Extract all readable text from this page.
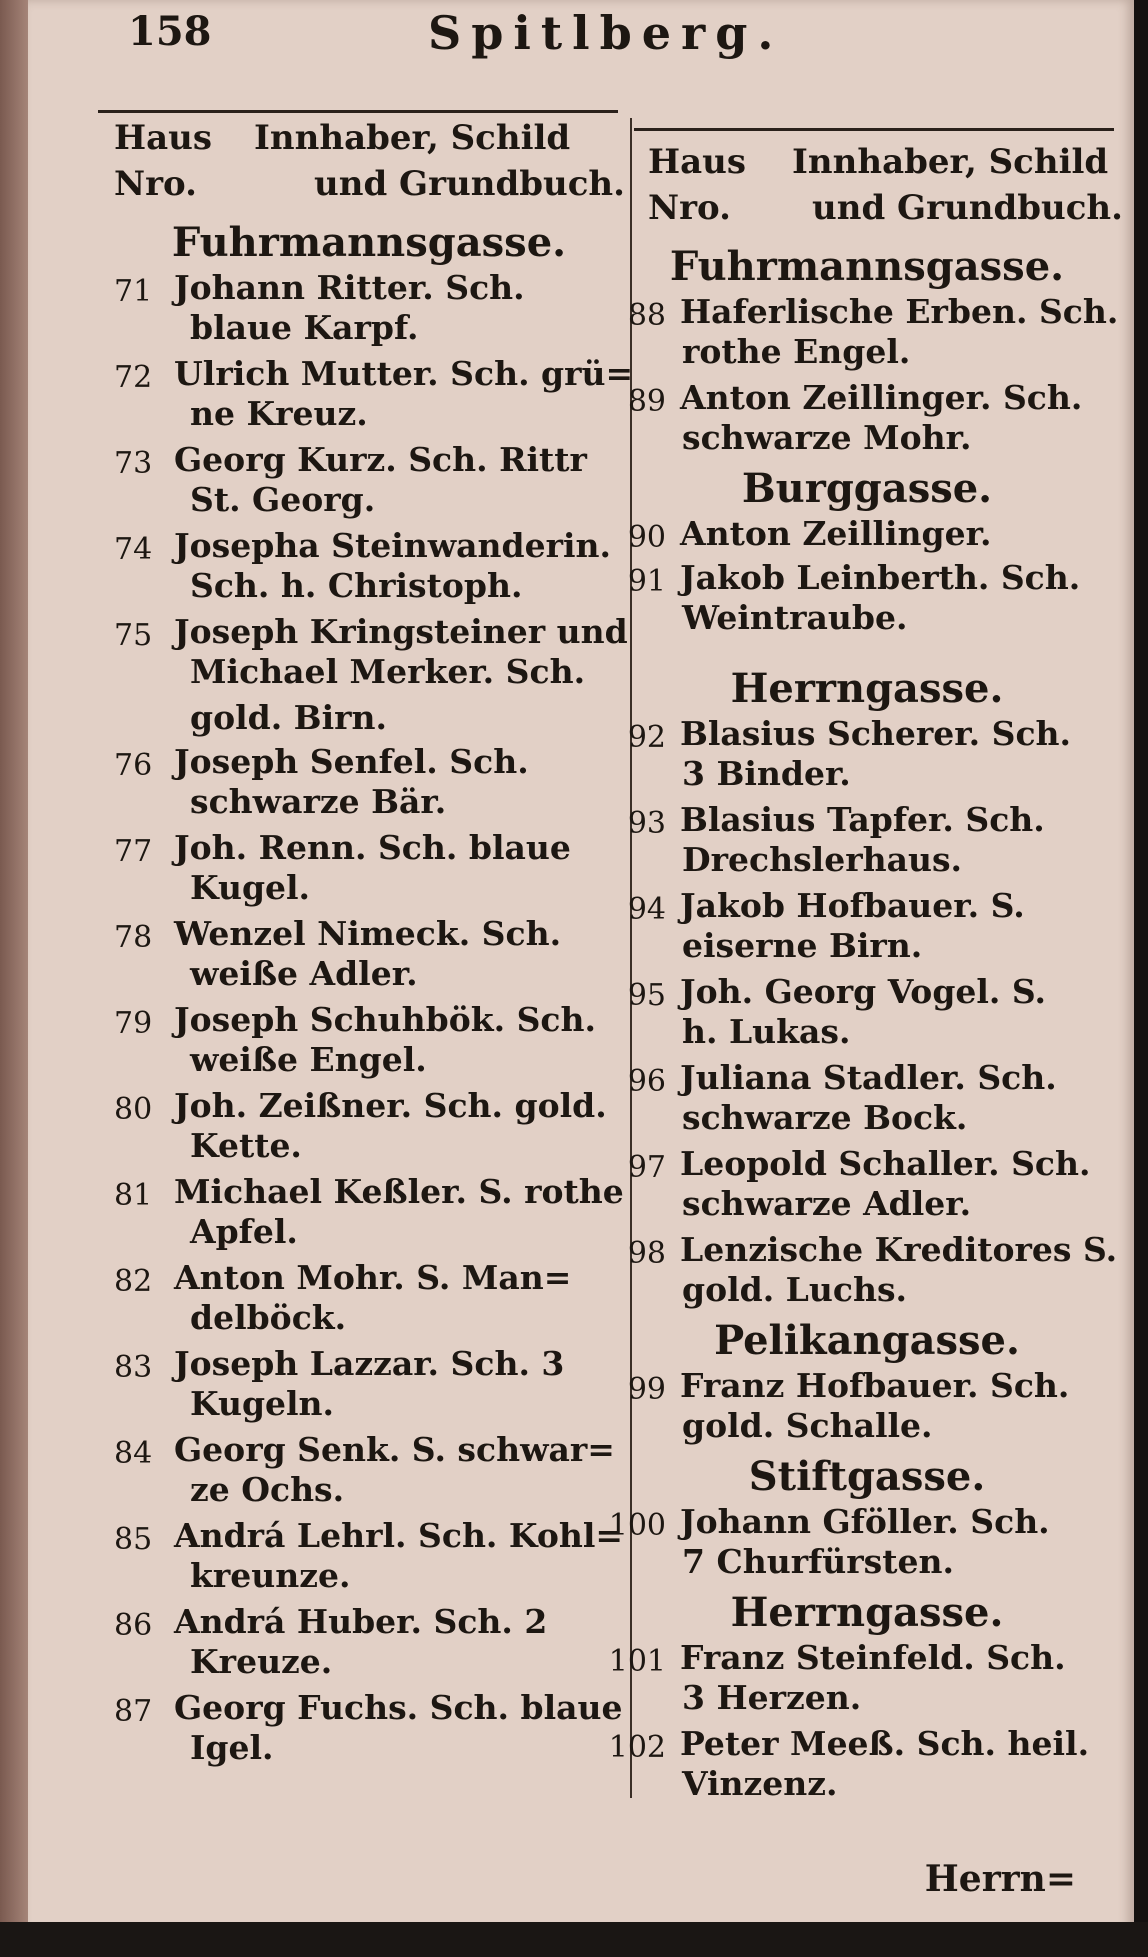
158	Spitlberg.
Haus
Nro.
Innhaber, Schild
und Grundbuch.
Fuhrmannsgasse.
71 Johann Ritter. Sch.
blaue Karpf.
72 Ulrich Mutter. Sch. grü=
ne Kreuz.
73 Georg Kurz. Sch. Rittr
St. Georg.
74 Josepha Steinwanderin.
Sch. h. Christoph.
75 Joseph Kringsteiner und
Michael Merker. Sch.
gold. Birn.
76 Joseph Senfel. Sch.
schwarze Bär.
77 Joh. Renn. Sch. blaue
Kugel.
78 Wenzel Nimeck. Sch.
weiße Adler.
79 Joseph Schuhbök. Sch.
weiße Engel.
80 Joh. Zeißner. Sch. gold.
Kette.
81 Michael Keßler. S. rothe
Apfel.
82 Anton Mohr. S. Man=
delböck.
83 Joseph Lazzar. Sch. 3
Kugeln.
84 Georg Senk. S. schwar=
ze Ochs.
85 Andrá Lehrl. Sch. Kohl=
kreunze.
86 Andrá Huber. Sch. 2
Kreuze.
87 Georg Fuchs. Sch. blaue
Igel.
Haus
Nro.
Innhaber, Schild
und Grundbuch.
Fuhrmannsgasse.
88 Haferlische Erben. Sch.
rothe Engel.
89 Anton Zeillinger. Sch.
schwarze Mohr.
Burggasse.
90 Anton Zeillinger.
91 Jakob Leinberth. Sch.
Weintraube.
Herrngasse.
92 Blasius Scherer. Sch.
3 Binder.
93 Blasius Tapfer. Sch.
Drechslerhaus.
94 Jakob Hofbauer. S.
eiserne Birn.
95 Joh. Georg Vogel. S.
h. Lukas.
96 Juliana Stadler. Sch.
schwarze Bock.
97 Leopold Schaller. Sch.
schwarze Adler.
98 Lenzische Kreditores S.
gold. Luchs.
Pelikangasse.
99 Franz Hofbauer. Sch.
gold. Schalle.
Stiftgasse.
100 Johann Gföller. Sch.
7 Churfürsten.
Herrngasse.
101 Franz Steinfeld. Sch.
3 Herzen.
102 Peter Meeß. Sch. heil.
Vinzenz.
Herrn=
